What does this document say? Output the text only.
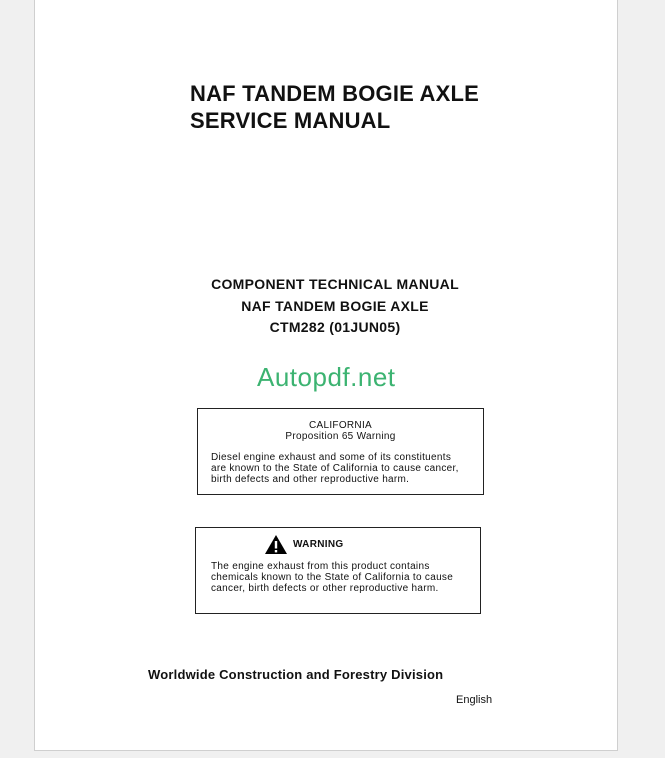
NAF TANDEM BOGIE AXLE
SERVICE MANUAL
COMPONENT TECHNICAL MANUAL
NAF TANDEM BOGIE AXLE
CTM282 (01JUN05)
Autopdf.net
CALIFORNIA
Proposition 65 Warning
Diesel engine exhaust and some of its constituents
are known to the State of California to cause cancer,
birth defects and other reproductive harm.
WARNING
The engine exhaust from this product contains
chemicals known to the State of California to cause
cancer, birth defects or other reproductive harm.
Worldwide Construction and Forestry Division
English
